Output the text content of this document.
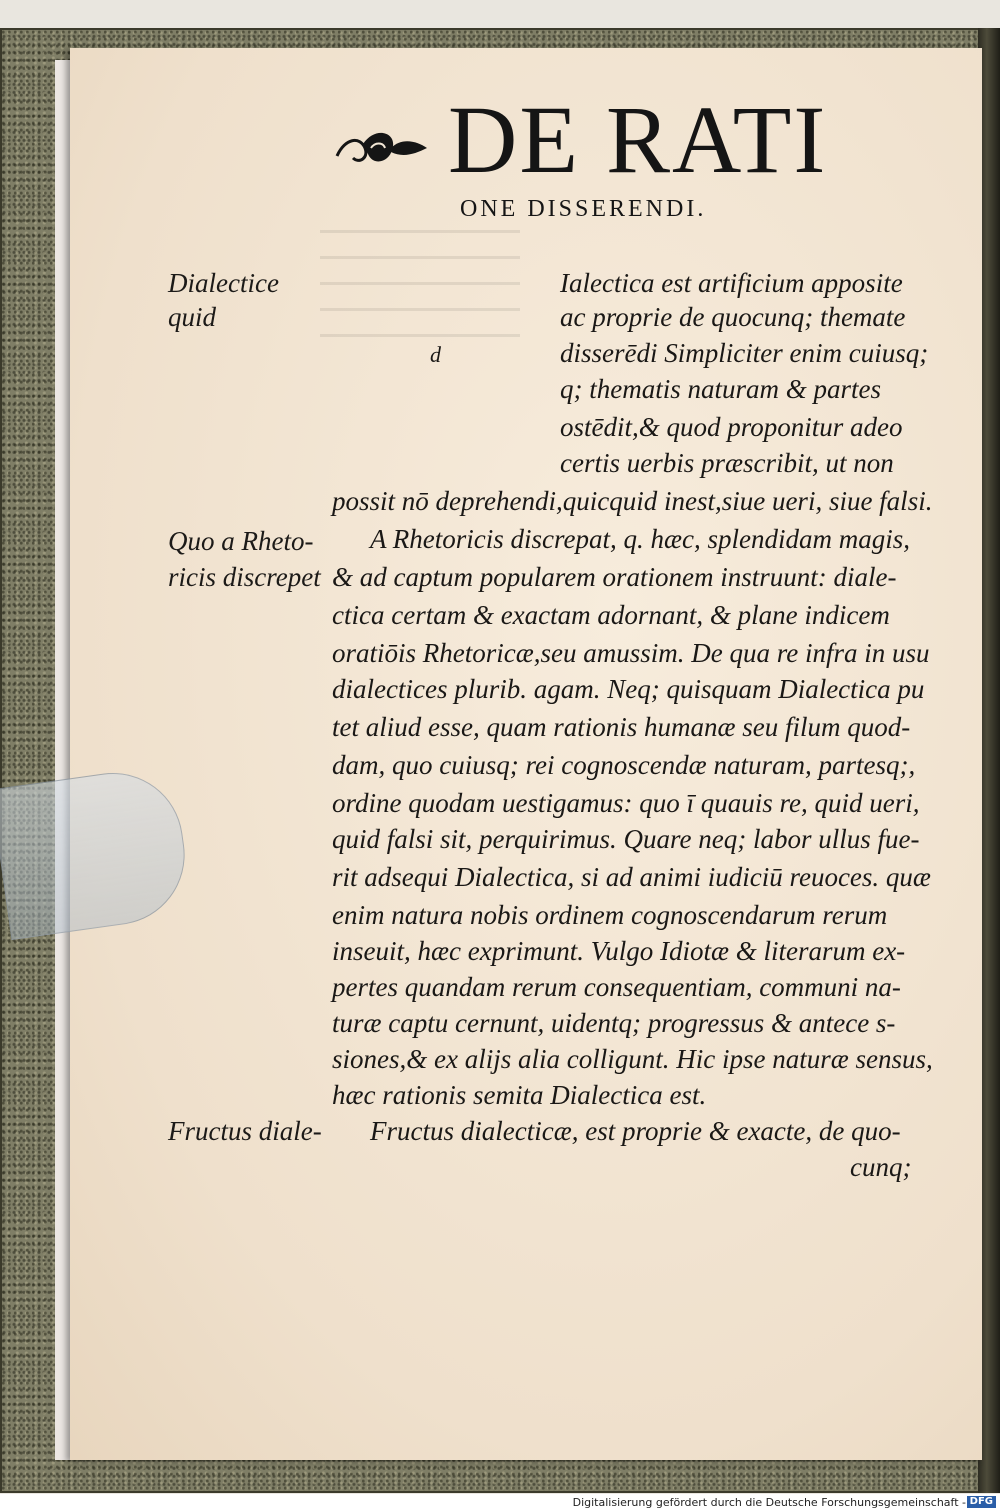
DE RATI
ONE DISSERENDI.
Dialectice
quid
Quo a Rheto-
ricis discrepet
Fructus diale-
d
Ialectica est artificium apposite
ac proprie de quocunq; themate
disserēdi Simpliciter enim cuiusq;
q; thematis naturam & partes
ostēdit,& quod proponitur adeo
certis uerbis præscribit, ut non
possit nō deprehendi,quicquid inest,siue ueri, siue falsi.
A Rhetoricis discrepat, q. hæc, splendidam magis,
& ad captum popularem orationem instruunt: diale-
ctica certam & exactam adornant, & plane indicem
oratiōis Rhetoricæ,seu amussim. De qua re infra in usu
dialectices plurib. agam. Neq; quisquam Dialectica pu
tet aliud esse, quam rationis humanæ seu filum quod-
dam, quo cuiusq; rei cognoscendæ naturam, partesq;,
ordine quodam uestigamus: quo ī quauis re, quid ueri,
quid falsi sit, perquirimus. Quare neq; labor ullus fue-
rit adsequi Dialectica, si ad animi iudiciū reuoces. quæ
enim natura nobis ordinem cognoscendarum rerum
inseuit, hæc exprimunt. Vulgo Idiotæ & literarum ex-
pertes quandam rerum consequentiam, communi na-
turæ captu cernunt, uidentq; progressus & antece s-
siones,& ex alijs alia colligunt. Hic ipse naturæ sensus,
hæc rationis semita Dialectica est.
Fructus dialecticæ, est proprie & exacte, de quo-
cunq;
Digitalisierung gefördert durch die Deutsche Forschungsgemeinschaft - DFG
